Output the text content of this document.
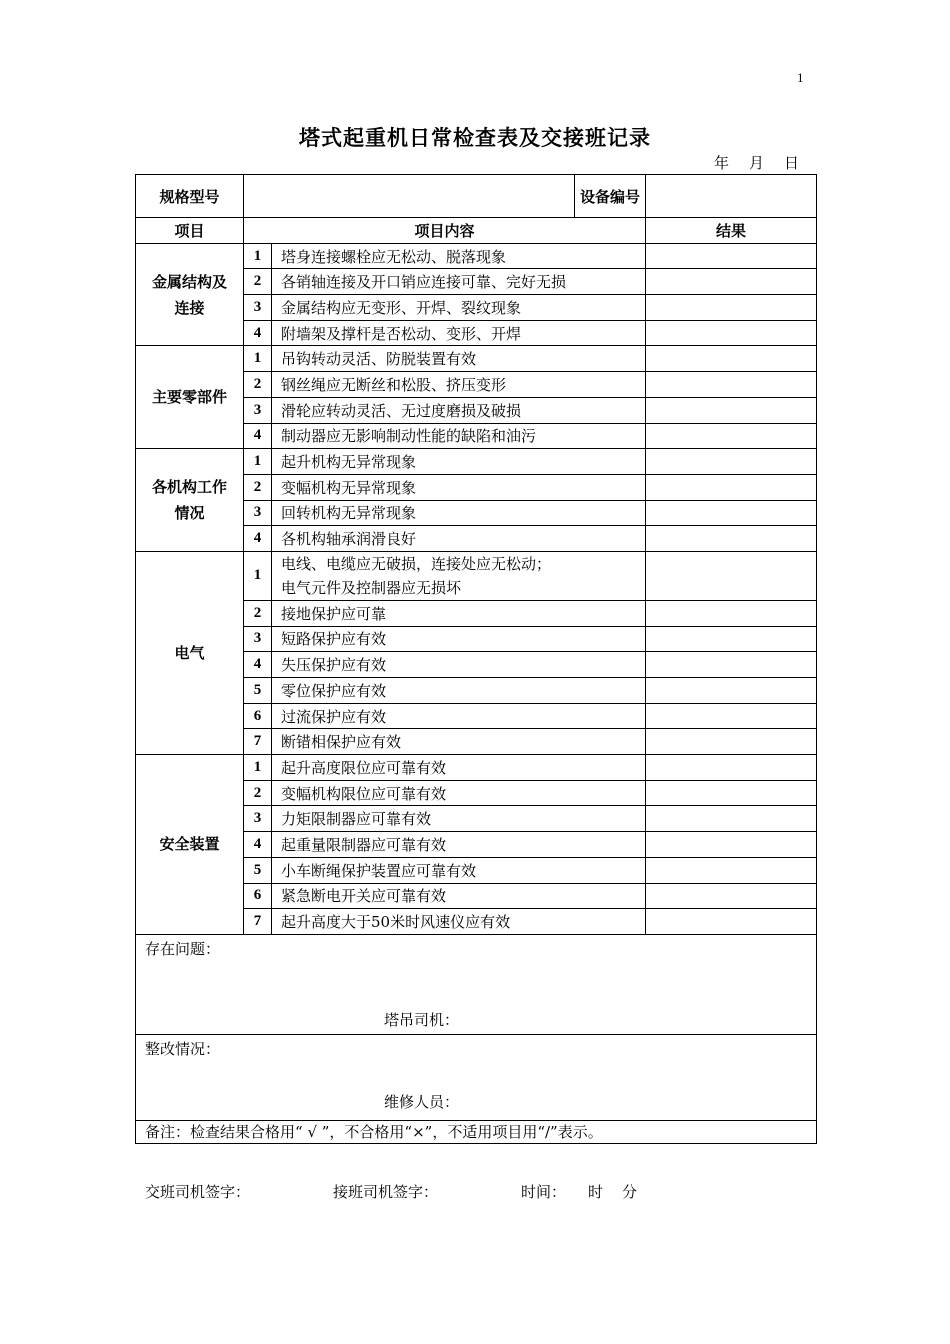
1
塔式起重机日常检查表及交接班记录
年 月 日
规格型号			设备编号	
项目	项目内容			结果

金属结构及
连接	1	塔身连接螺栓应无松动、脱落现象		
	2	各销轴连接及开口销应连接可靠、完好无损		
	3	金属结构应无变形、开焊、裂纹现象		
	4	附墙架及撑杆是否松动、变形、开焊		

主要零部件	1	吊钩转动灵活、防脱装置有效		
	2	钢丝绳应无断丝和松股、挤压变形		
	3	滑轮应转动灵活、无过度磨损及破损		
	4	制动器应无影响制动性能的缺陷和油污		

各机构工作
情况	1	起升机构无异常现象		
	2	变幅机构无异常现象		
	3	回转机构无异常现象		
	4	各机构轴承润滑良好		

电气	1	电线、电缆应无破损，连接处应无松动；
电气元件及控制器应无损坏		

	2	接地保护应可靠		
	3	短路保护应有效		
	4	失压保护应有效		
	5	零位保护应有效		
	6	过流保护应有效		
	7	断错相保护应有效		

安全装置	1	起升高度限位应可靠有效		
	2	变幅机构限位应可靠有效		
	3	力矩限制器应可靠有效		
	4	起重量限制器应可靠有效		
	5	小车断绳保护装置应可靠有效		
	6	紧急断电开关应可靠有效		
	7	起升高度大于50米时风速仪应有效		
存在问题：
塔吊司机：				

整改情况：
维修人员：				

备注：检查结果合格用“ √ ”，不合格用“×”，不适用项目用“/”表示。				
交班司机签字：	接班司机签字：	时间： 时 分
